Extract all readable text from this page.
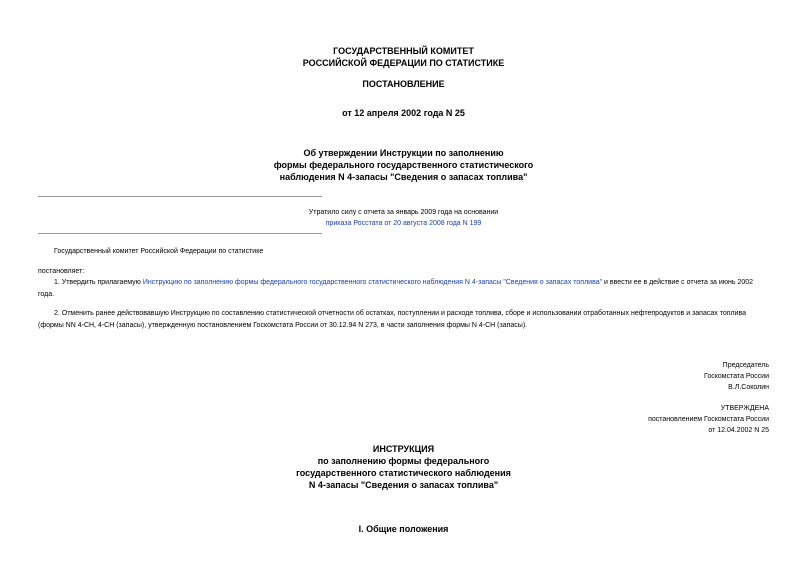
ГОСУДАРСТВЕННЫЙ КОМИТЕТ
РОССИЙСКОЙ ФЕДЕРАЦИИ ПО СТАТИСТИКЕ
ПОСТАНОВЛЕНИЕ
от 12 апреля 2002 года N 25
Об утверждении Инструкции по заполнению
формы федерального государственного статистического
наблюдения N 4-запасы "Сведения о запасах топлива"
Утратило силу с отчета за январь 2009 года на основании
приказа Росстата от 20 августа 2008 года N 199
Государственный комитет Российской Федерации по статистике
постановляет:
1. Утвердить прилагаемую Инструкцию по заполнению формы федерального государственного статистического наблюдения N 4-запасы "Сведения о запасах топлива" и ввести ее в действие с отчета за июнь 2002 года.
2. Отменить ранее действовавшую Инструкцию по составлению статистической отчетности об остатках, поступлении и расходе топлива, сборе и использовании отработанных нефтепродуктов и запасах топлива (формы NN 4-СН, 4-СН (запасы), утвержденную постановлением Госкомстата России от 30.12.94 N 273, в части заполнения формы N 4-СН (запасы).
Председатель
Госкомстата России
В.Л.Соколин
УТВЕРЖДЕНА
постановлением Госкомстата России
от 12.04.2002 N 25
ИНСТРУКЦИЯ
по заполнению формы федерального
государственного статистического наблюдения
N 4-запасы "Сведения о запасах топлива"
I. Общие положения
